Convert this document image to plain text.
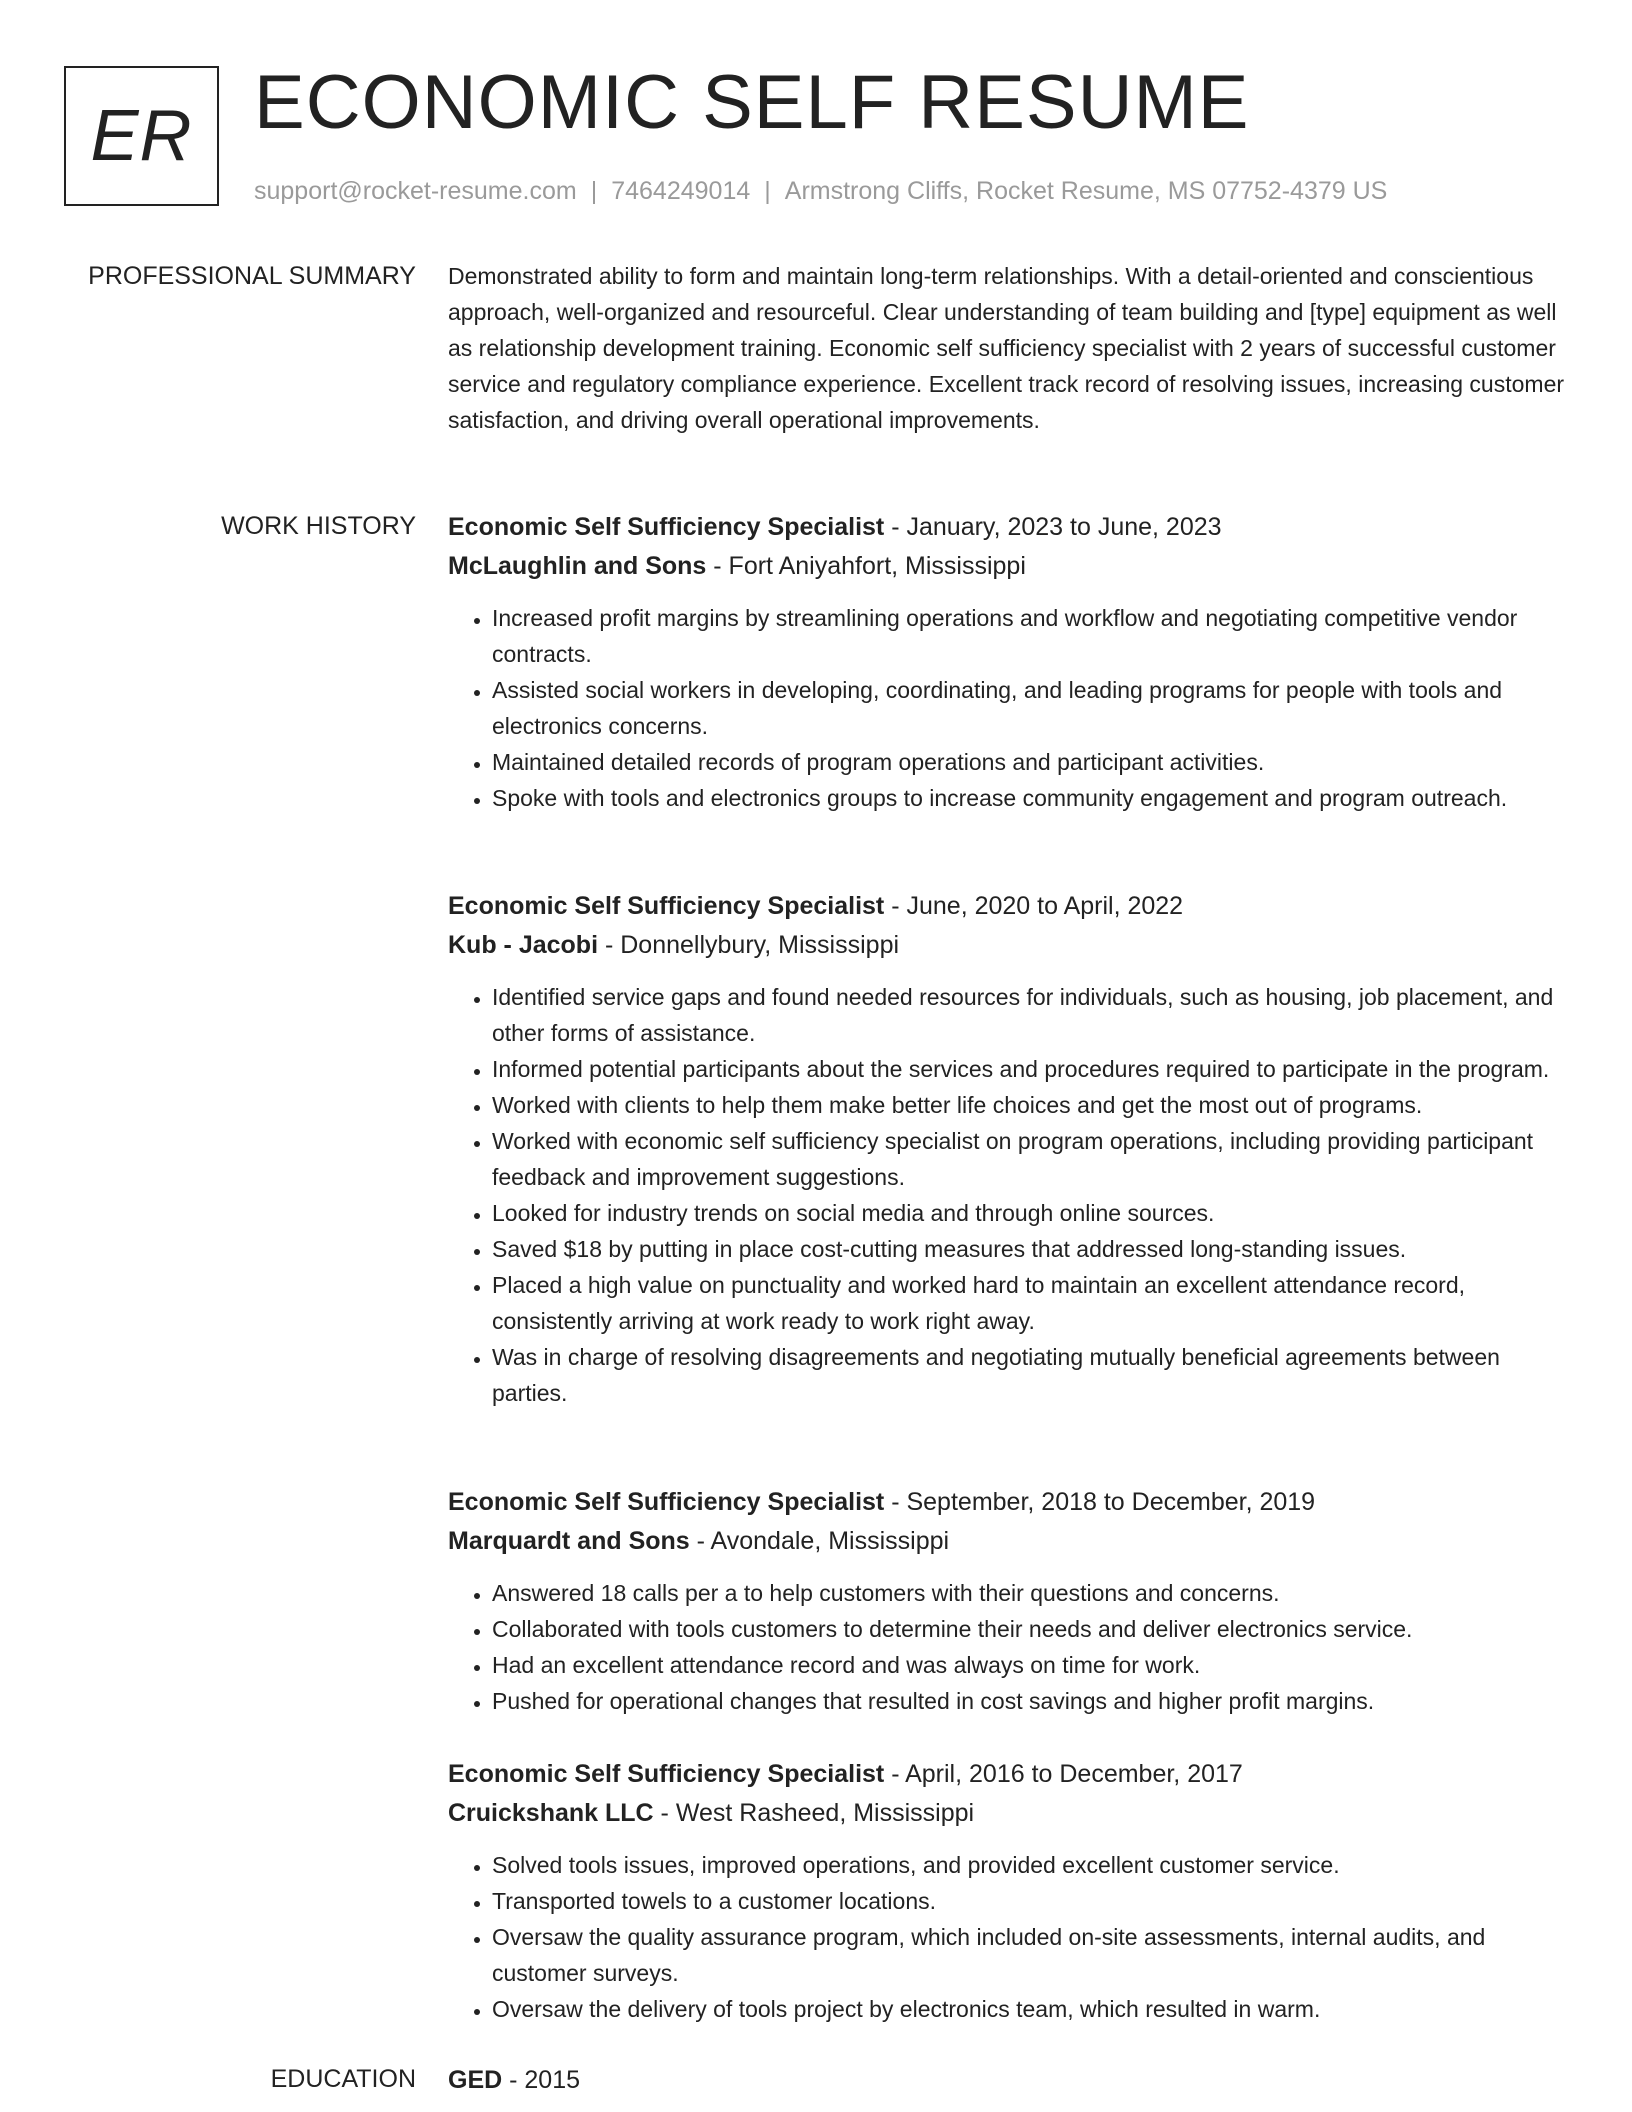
ER ECONOMIC SELF RESUME
support@rocket-resume.com | 7464249014 | Armstrong Cliffs, Rocket Resume, MS 07752-4379 US
PROFESSIONAL SUMMARY Demonstrated ability to form and maintain long-term relationships. With a detail-oriented and conscientious approach, well-organized and resourceful. Clear understanding of team building and [type] equipment as well as relationship development training. Economic self sufficiency specialist with 2 years of successful customer service and regulatory compliance experience. Excellent track record of resolving issues, increasing customer satisfaction, and driving overall operational improvements.

WORK HISTORY Economic Self Sufficiency Specialist - January, 2023 to June, 2023
McLaughlin and Sons - Fort Aniyahfort, Mississippi
• Increased profit margins by streamlining operations and workflow and negotiating competitive vendor contracts.
• Assisted social workers in developing, coordinating, and leading programs for people with tools and electronics concerns.
• Maintained detailed records of program operations and participant activities.
• Spoke with tools and electronics groups to increase community engagement and program outreach.
Economic Self Sufficiency Specialist - June, 2020 to April, 2022
Kub - Jacobi - Donnellybury, Mississippi
• Identified service gaps and found needed resources for individuals, such as housing, job placement, and other forms of assistance.
• Informed potential participants about the services and procedures required to participate in the program.
• Worked with clients to help them make better life choices and get the most out of programs.
• Worked with economic self sufficiency specialist on program operations, including providing participant feedback and improvement suggestions.
• Looked for industry trends on social media and through online sources.
• Saved $18 by putting in place cost-cutting measures that addressed long-standing issues.
• Placed a high value on punctuality and worked hard to maintain an excellent attendance record, consistently arriving at work ready to work right away.
• Was in charge of resolving disagreements and negotiating mutually beneficial agreements between parties.
Economic Self Sufficiency Specialist - September, 2018 to December, 2019
Marquardt and Sons - Avondale, Mississippi
• Answered 18 calls per a to help customers with their questions and concerns.
• Collaborated with tools customers to determine their needs and deliver electronics service.
• Had an excellent attendance record and was always on time for work.
• Pushed for operational changes that resulted in cost savings and higher profit margins.
Economic Self Sufficiency Specialist - April, 2016 to December, 2017
Cruickshank LLC - West Rasheed, Mississippi
• Solved tools issues, improved operations, and provided excellent customer service.
• Transported towels to a customer locations.
• Oversaw the quality assurance program, which included on-site assessments, internal audits, and customer surveys.
• Oversaw the delivery of tools project by electronics team, which resulted in warm.
EDUCATION GED - 2015
